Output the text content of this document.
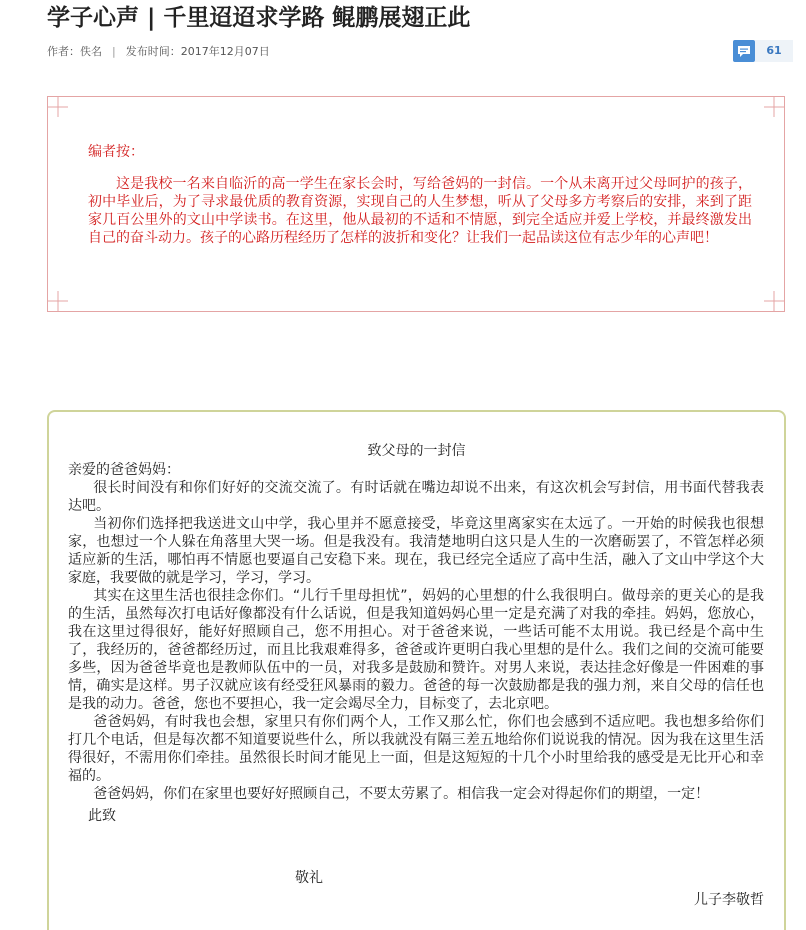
学子心声 | 千里迢迢求学路 鲲鹏展翅正此
作者：佚名 | 发布时间：2017年12月07日	61
编者按：
这是我校一名来自临沂的高一学生在家长会时，写给爸妈的一封信。一个从未离开过父母呵护的孩子，初中毕业后，为了寻求最优质的教育资源，实现自己的人生梦想，听从了父母多方考察后的安排，来到了距家几百公里外的文山中学读书。在这里，他从最初的不适和不情愿，到完全适应并爱上学校，并最终激发出自己的奋斗动力。孩子的心路历程经历了怎样的波折和变化？让我们一起品读这位有志少年的心声吧！
致父母的一封信

亲爱的爸爸妈妈：

很长时间没有和你们好好的交流交流了。有时话就在嘴边却说不出来，有这次机会写封信，用书面代替我表达吧。

当初你们选择把我送进文山中学，我心里并不愿意接受，毕竟这里离家实在太远了。一开始的时候我也很想家，也想过一个人躲在角落里大哭一场。但是我没有。我清楚地明白这只是人生的一次磨砺罢了，不管怎样必须适应新的生活，哪怕再不情愿也要逼自己安稳下来。现在，我已经完全适应了高中生活，融入了文山中学这个大家庭，我要做的就是学习，学习，学习。

其实在这里生活也很挂念你们。“儿行千里母担忧”，妈妈的心里想的什么我很明白。做母亲的更关心的是我的生活，虽然每次打电话好像都没有什么话说，但是我知道妈妈心里一定是充满了对我的牵挂。妈妈，您放心，我在这里过得很好，能好好照顾自己，您不用担心。对于爸爸来说，一些话可能不太用说。我已经是个高中生了，我经历的，爸爸都经历过，而且比我艰难得多，爸爸或许更明白我心里想的是什么。我们之间的交流可能要多些，因为爸爸毕竟也是教师队伍中的一员，对我多是鼓励和赞许。对男人来说，表达挂念好像是一件困难的事情，确实是这样。男子汉就应该有经受狂风暴雨的毅力。爸爸的每一次鼓励都是我的强力剂，来自父母的信任也是我的动力。爸爸，您也不要担心，我一定会竭尽全力，目标变了，去北京吧。

爸爸妈妈，有时我也会想，家里只有你们两个人，工作又那么忙，你们也会感到不适应吧。我也想多给你们打几个电话，但是每次都不知道要说些什么，所以我就没有隔三差五地给你们说说我的情况。因为我在这里生活得很好，不需用你们牵挂。虽然很长时间才能见上一面，但是这短短的十几个小时里给我的感受是无比开心和幸福的。

爸爸妈妈，你们在家里也要好好照顾自己，不要太劳累了。相信我一定会对得起你们的期望，一定！

此致

敬礼
儿子李敬哲
